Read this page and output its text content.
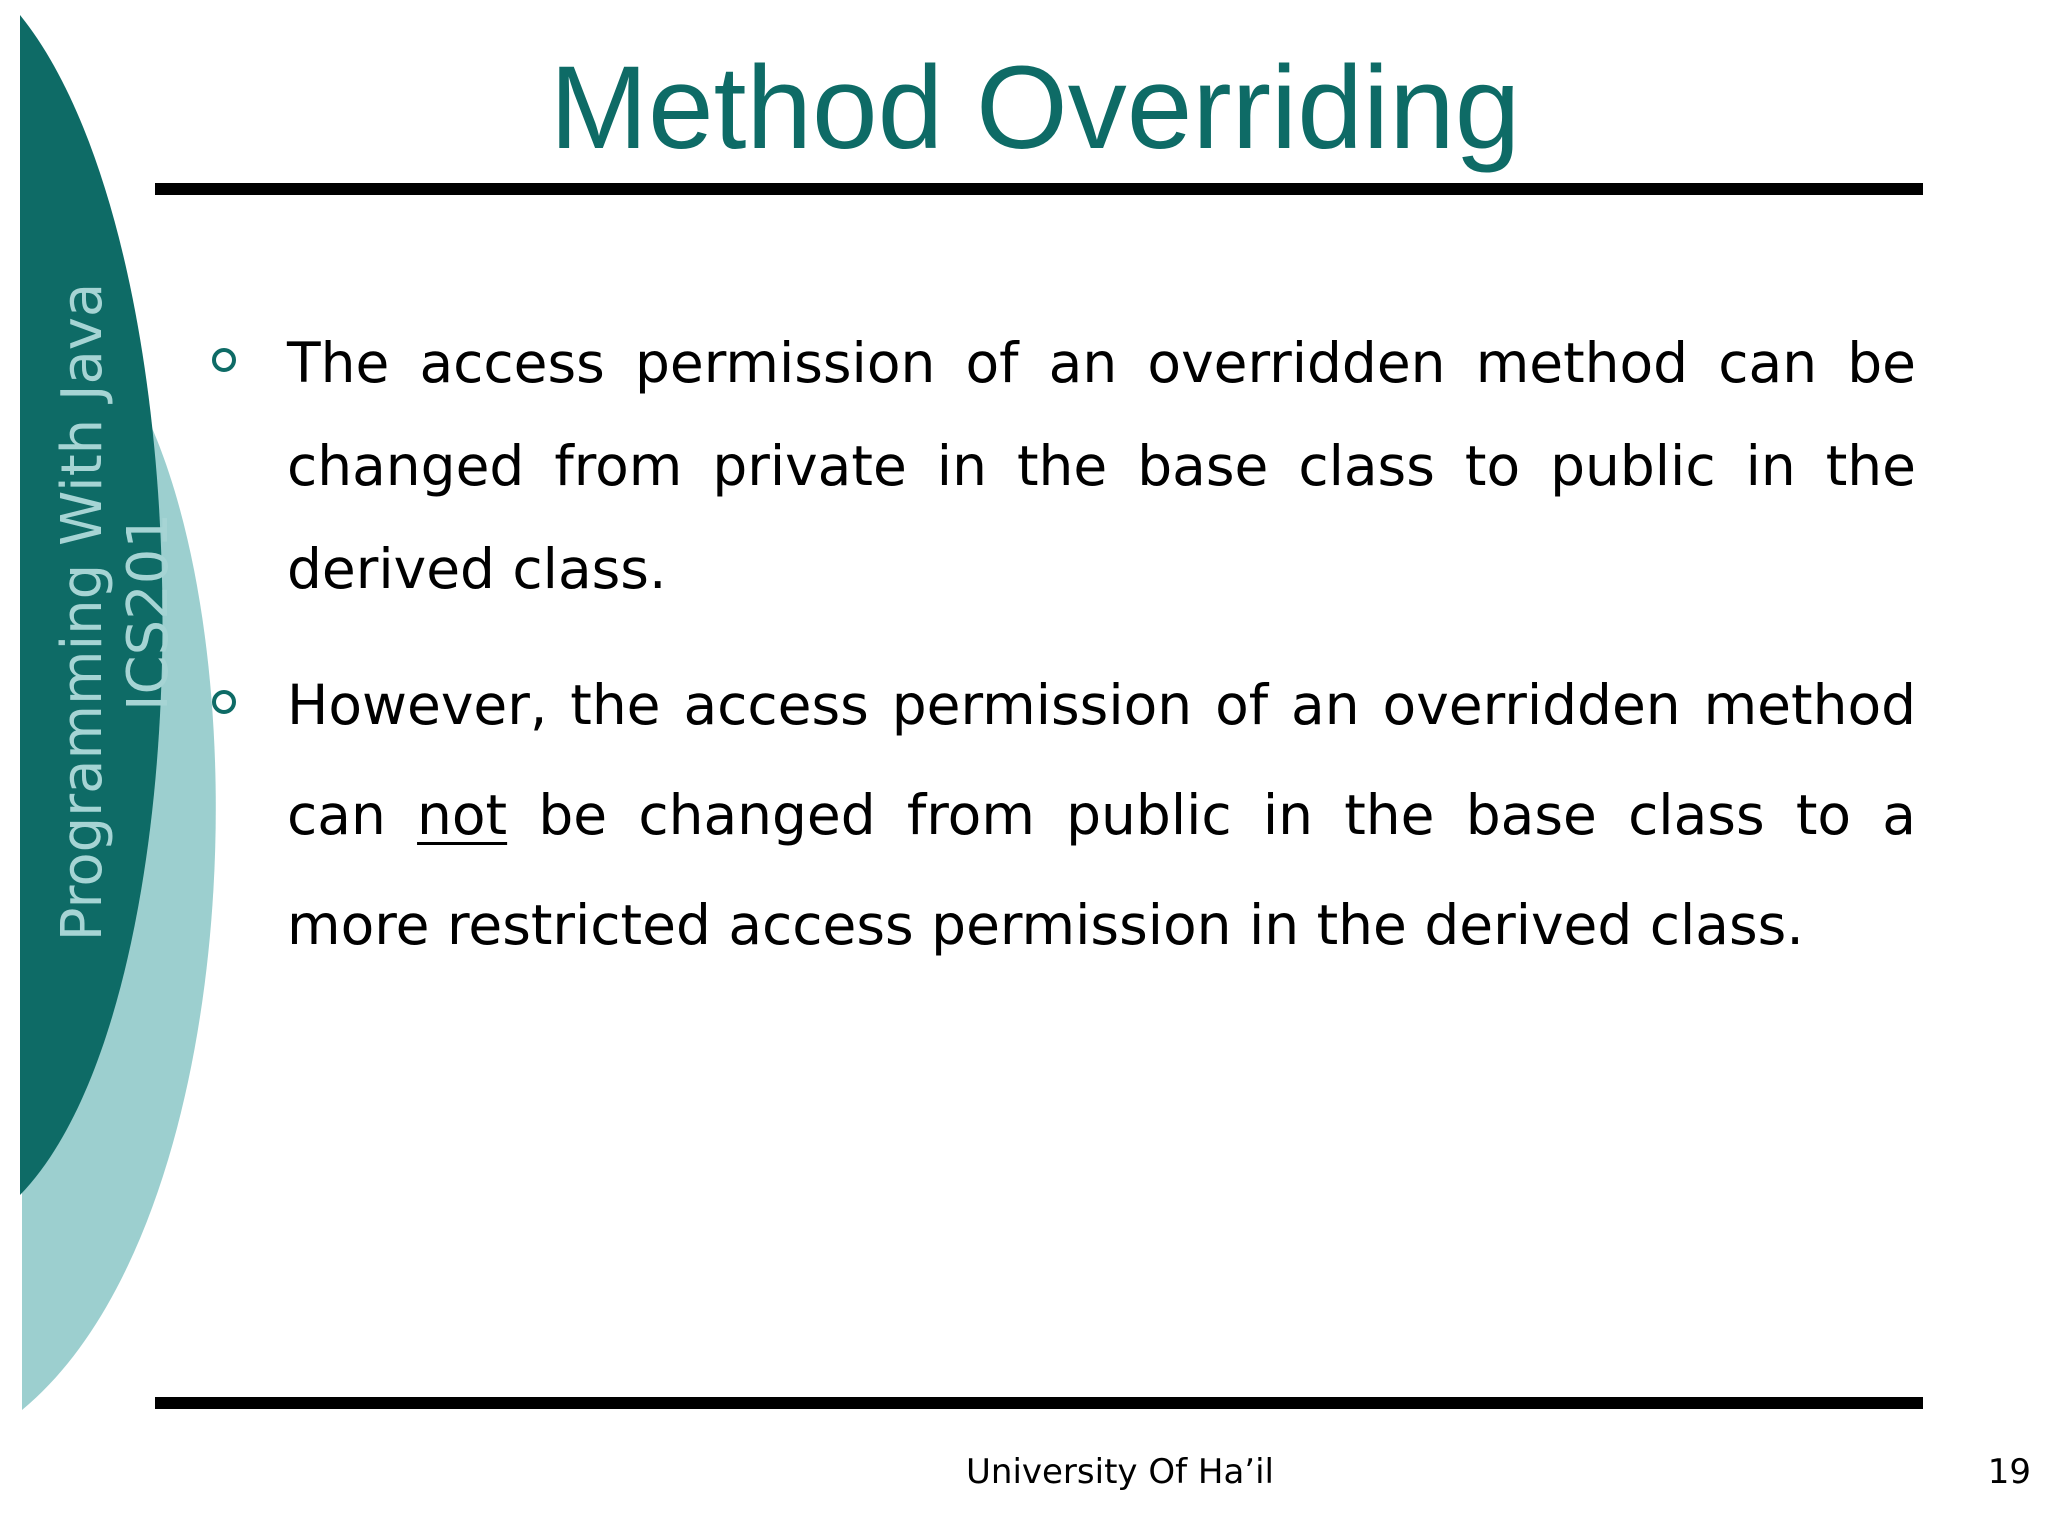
Programming With Java ICS201
Method Overriding
The access permission of an overridden method can be changed from private in the base class to public in the derived class.
However, the access permission of an overridden method can not be changed from public in the base class to a more restricted access permission in the derived class.
University Of Ha’il	19
